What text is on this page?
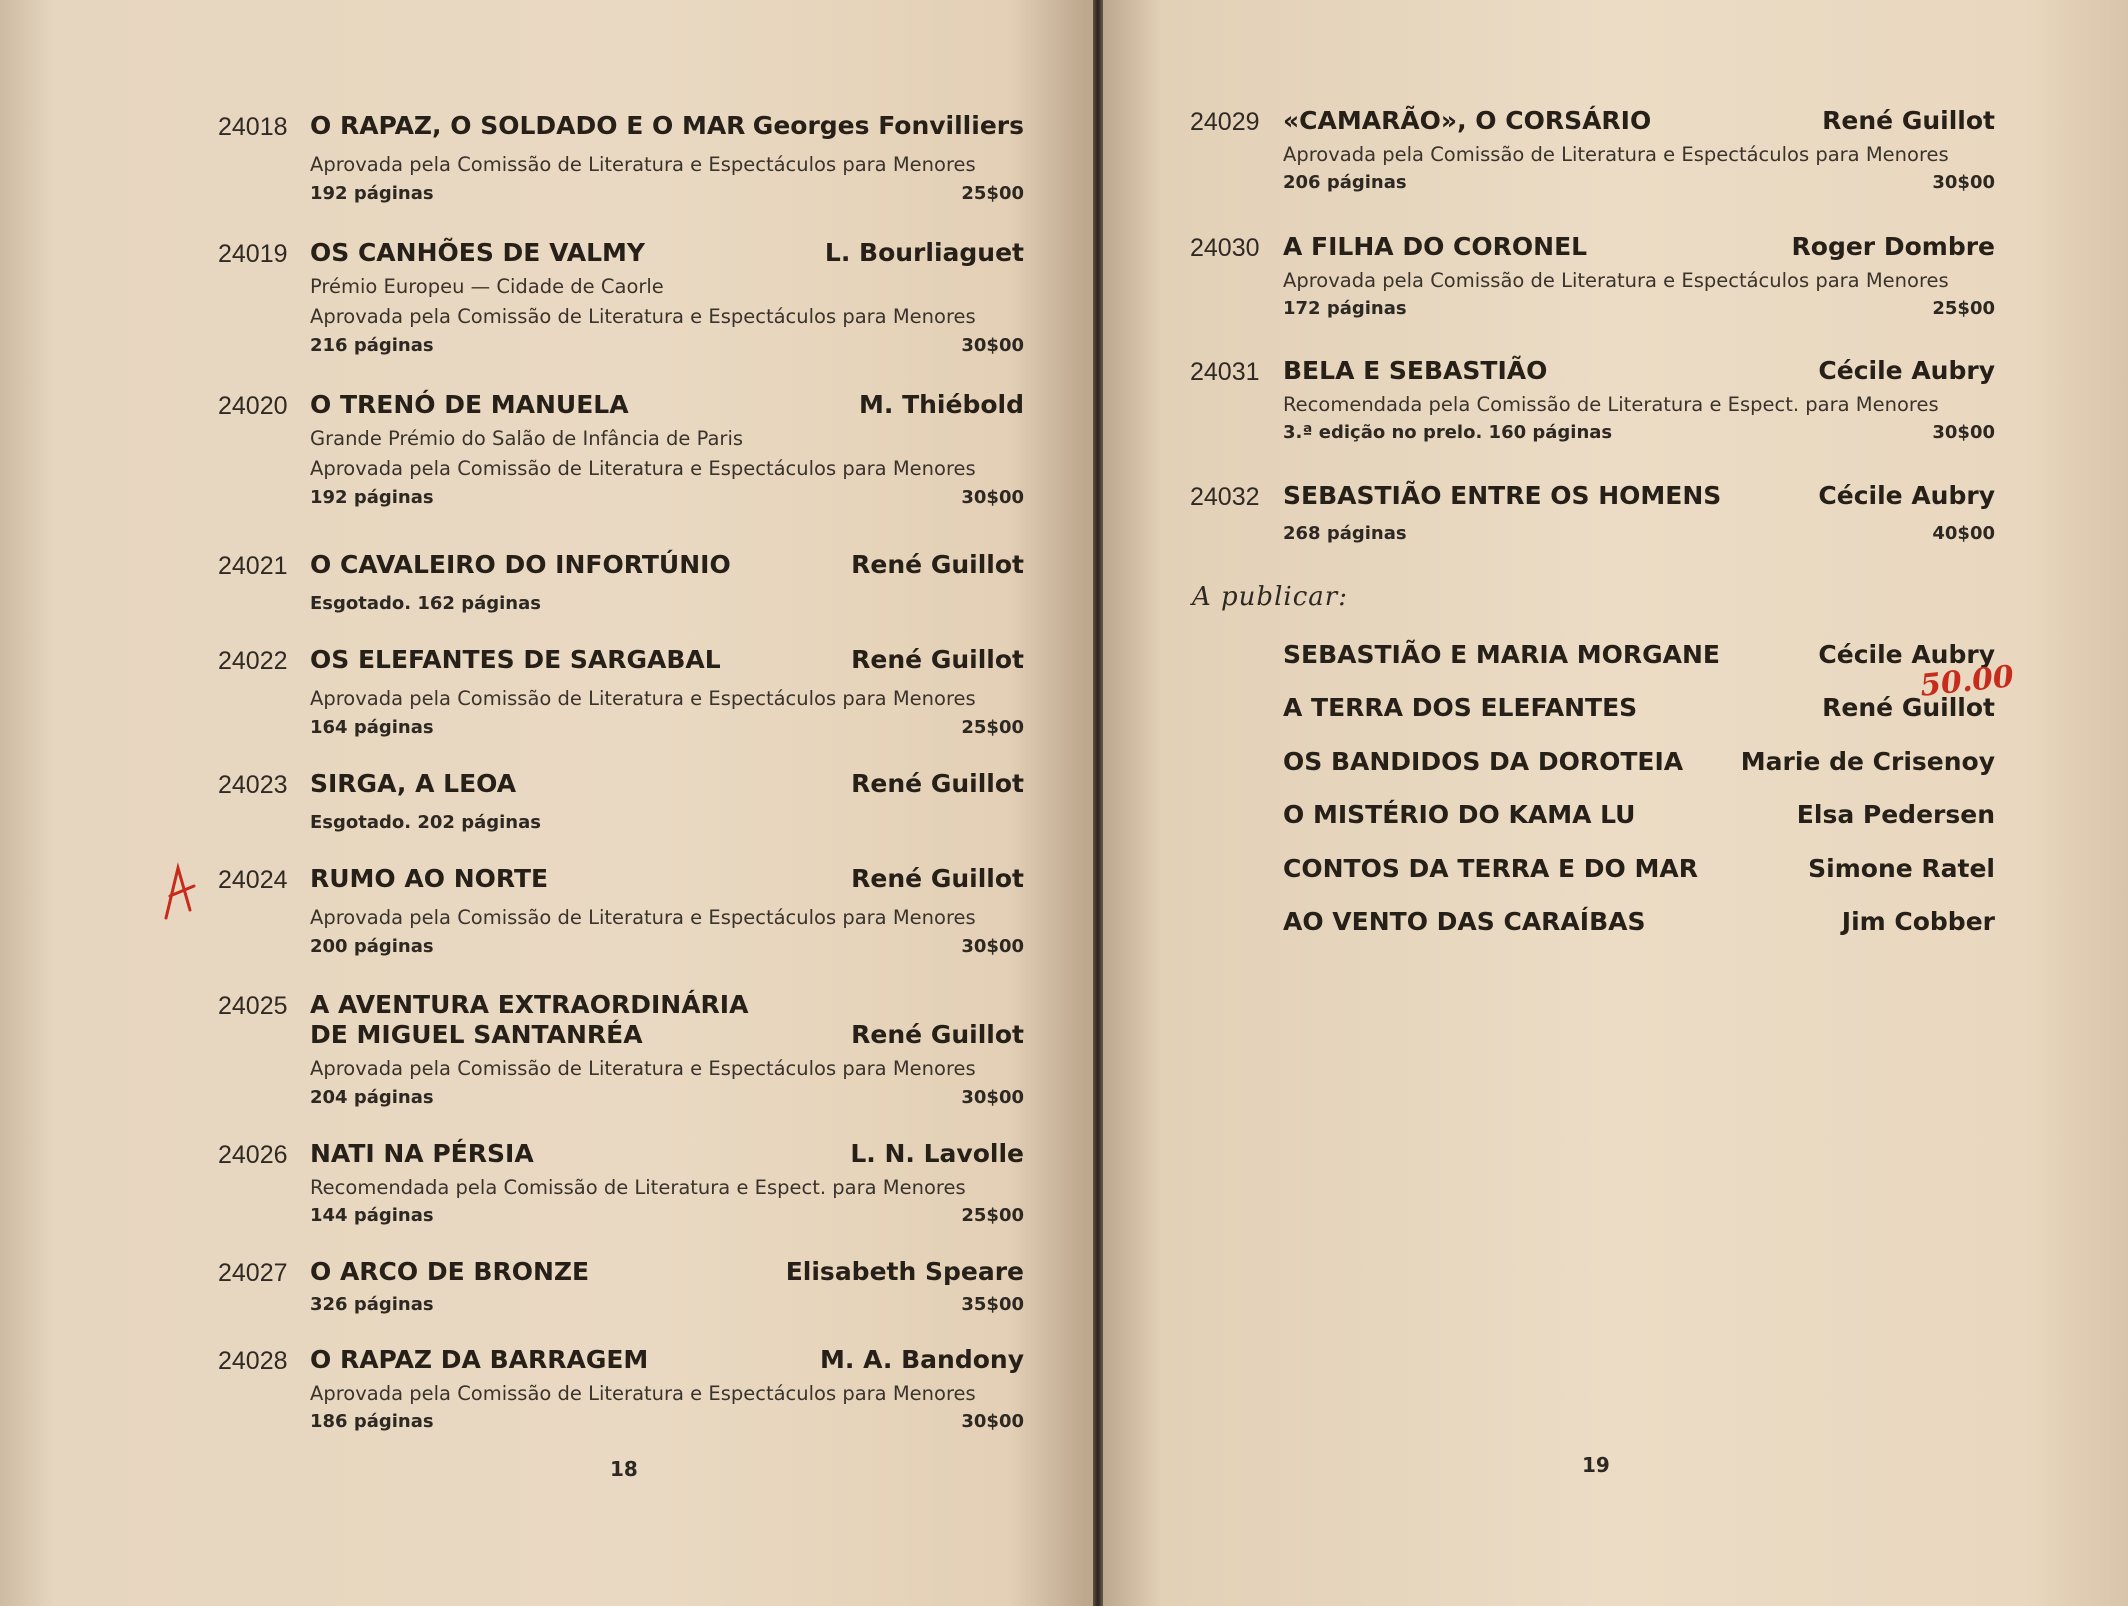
24018 O RAPAZ, O SOLDADO E O MAR Georges Fonvilliers
Aprovada pela Comissão de Literatura e Espectáculos para Menores
192 páginas	25$00
24019 OS CANHÕES DE VALMY	L. Bourliaguet
Prémio Europeu — Cidade de Caorle
Aprovada pela Comissão de Literatura e Espectáculos para Menores
216 páginas	30$00
24020 O TRENÓ DE MANUELA	M. Thiébold
Grande Prémio do Salão de Infância de Paris
Aprovada pela Comissão de Literatura e Espectáculos para Menores
192 páginas	30$00
24021 O CAVALEIRO DO INFORTÚNIO	René Guillot
Esgotado. 162 páginas
24022 OS ELEFANTES DE SARGABAL	René Guillot
Aprovada pela Comissão de Literatura e Espectáculos para Menores
164 páginas	25$00
24023 SIRGA, A LEOA	René Guillot
Esgotado. 202 páginas
24024 RUMO AO NORTE	René Guillot
Aprovada pela Comissão de Literatura e Espectáculos para Menores
200 páginas	30$00
24025 A AVENTURA EXTRAORDINÁRIA
DE MIGUEL SANTANRÉA	René Guillot
Aprovada pela Comissão de Literatura e Espectáculos para Menores
204 páginas	30$00
24026 NATI NA PÉRSIA	L. N. Lavolle
Recomendada pela Comissão de Literatura e Espect. para Menores
144 páginas	25$00
24027 O ARCO DE BRONZE	Elisabeth Speare
326 páginas	35$00
24028 O RAPAZ DA BARRAGEM	M. A. Bandony
Aprovada pela Comissão de Literatura e Espectáculos para Menores
186 páginas	30$00
18
24029 «CAMARÃO», O CORSÁRIO	René Guillot
Aprovada pela Comissão de Literatura e Espectáculos para Menores
206 páginas	30$00
24030 A FILHA DO CORONEL	Roger Dombre
Aprovada pela Comissão de Literatura e Espectáculos para Menores
172 páginas	25$00
24031 BELA E SEBASTIÃO	Cécile Aubry
Recomendada pela Comissão de Literatura e Espect. para Menores
3.ª edição no prelo. 160 páginas	30$00
24032 SEBASTIÃO ENTRE OS HOMENS	Cécile Aubry
268 páginas	40$00
A publicar:
SEBASTIÃO E MARIA MORGANE	Cécile Aubry
A TERRA DOS ELEFANTES	René Guillot
OS BANDIDOS DA DOROTEIA Marie de Crisenoy
O MISTÉRIO DO KAMA LU	Elsa Pedersen
CONTOS DA TERRA E DO MAR	Simone Ratel
AO VENTO DAS CARAÍBAS	Jim Cobber
50.00
19
